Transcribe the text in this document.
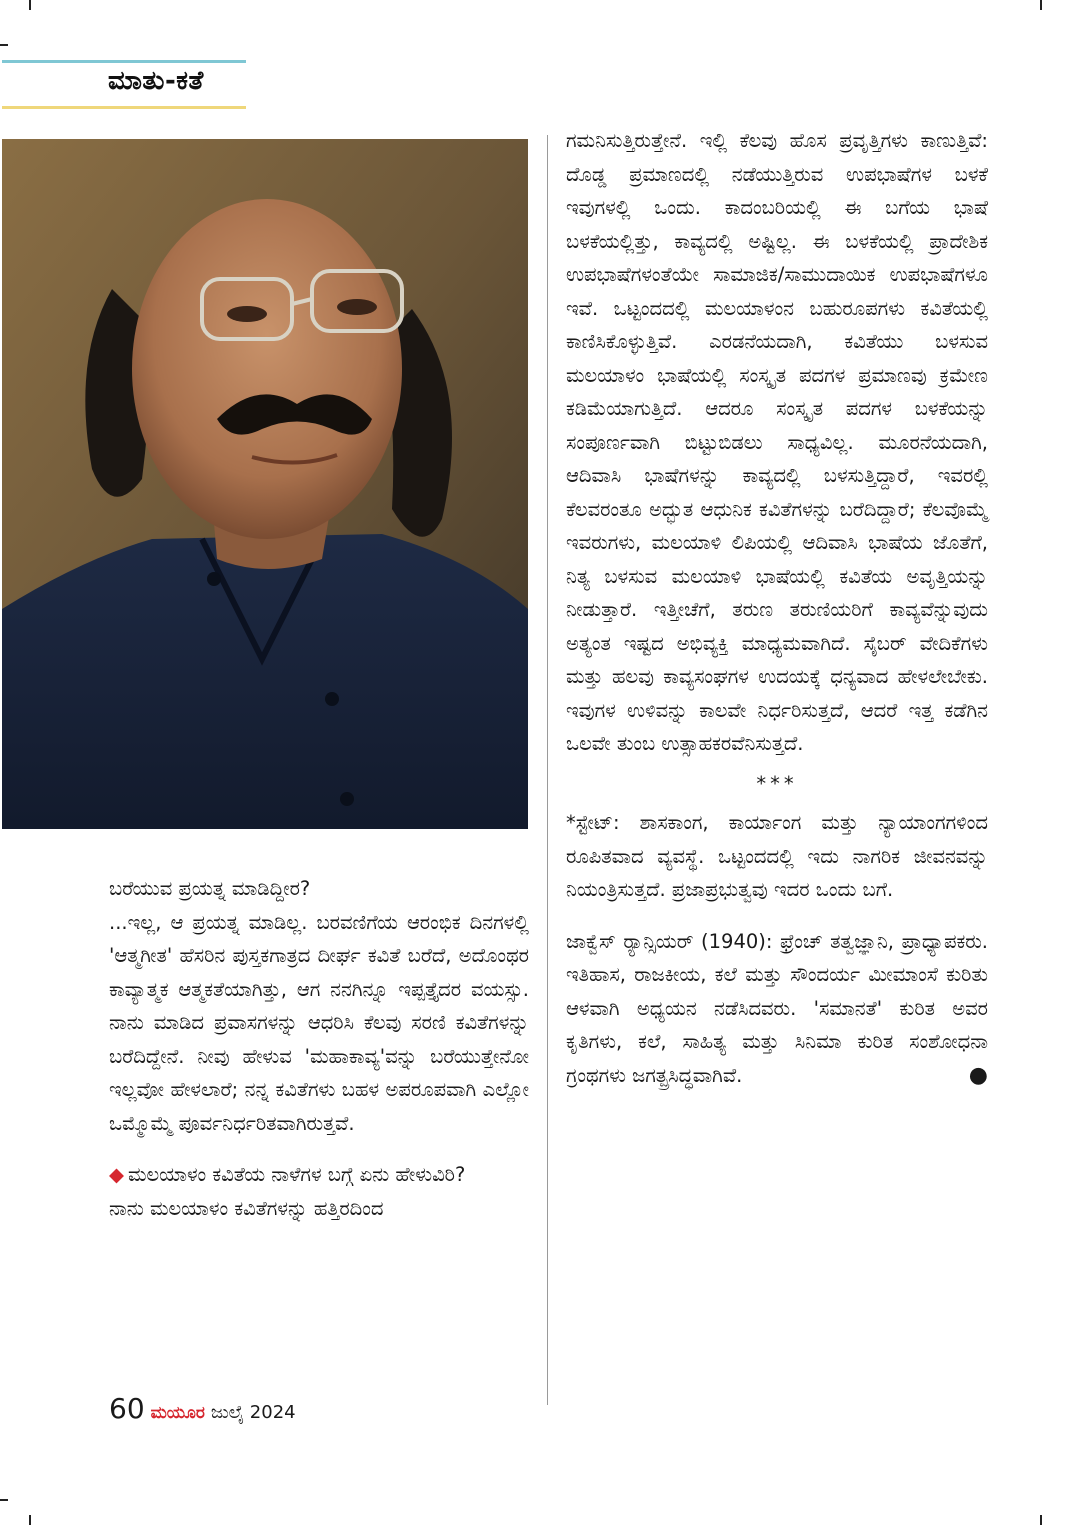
ಮಾತು-ಕತೆ

ಗಮನಿಸುತ್ತಿರುತ್ತೇನೆ. ಇಲ್ಲಿ ಕೆಲವು ಹೊಸ ಪ್ರವೃತ್ತಿಗಳು ಕಾಣುತ್ತಿವೆ: ದೊಡ್ಡ ಪ್ರಮಾಣದಲ್ಲಿ ನಡೆಯುತ್ತಿರುವ ಉಪಭಾಷೆಗಳ ಬಳಕೆ ಇವುಗಳಲ್ಲಿ ಒಂದು. ಕಾದಂಬರಿಯಲ್ಲಿ ಈ ಬಗೆಯ ಭಾಷೆ ಬಳಕೆಯಲ್ಲಿತ್ತು, ಕಾವ್ಯದಲ್ಲಿ ಅಷ್ಟಿಲ್ಲ. ಈ ಬಳಕೆಯಲ್ಲಿ ಪ್ರಾದೇಶಿಕ ಉಪಭಾಷೆಗಳಂತೆಯೇ ಸಾಮಾಜಿಕ/ಸಾಮುದಾಯಿಕ ಉಪಭಾಷೆಗಳೂ ಇವೆ. ಒಟ್ಟಂದದಲ್ಲಿ ಮಲಯಾಳಂನ ಬಹುರೂಪಗಳು ಕವಿತೆಯಲ್ಲಿ ಕಾಣಿಸಿಕೊಳ್ಳುತ್ತಿವೆ. ಎರಡನೆಯದಾಗಿ, ಕವಿತೆಯು ಬಳಸುವ ಮಲಯಾಳಂ ಭಾಷೆಯಲ್ಲಿ ಸಂಸ್ಕೃತ ಪದಗಳ ಪ್ರಮಾಣವು ಕ್ರಮೇಣ ಕಡಿಮೆಯಾಗುತ್ತಿದೆ. ಆದರೂ ಸಂಸ್ಕೃತ ಪದಗಳ ಬಳಕೆಯನ್ನು ಸಂಪೂರ್ಣವಾಗಿ ಬಿಟ್ಟುಬಿಡಲು ಸಾಧ್ಯವಿಲ್ಲ. ಮೂರನೆಯದಾಗಿ, ಆದಿವಾಸಿ ಭಾಷೆಗಳನ್ನು ಕಾವ್ಯದಲ್ಲಿ ಬಳಸುತ್ತಿದ್ದಾರೆ, ಇವರಲ್ಲಿ ಕೆಲವರಂತೂ ಅದ್ಭುತ ಆಧುನಿಕ ಕವಿತೆಗಳನ್ನು ಬರೆದಿದ್ದಾರೆ; ಕೆಲವೊಮ್ಮೆ ಇವರುಗಳು, ಮಲಯಾಳಿ ಲಿಪಿಯಲ್ಲಿ ಆದಿವಾಸಿ ಭಾಷೆಯ ಜೊತೆಗೆ, ನಿತ್ಯ ಬಳಸುವ ಮಲಯಾಳಿ ಭಾಷೆಯಲ್ಲಿ ಕವಿತೆಯ ಅವೃತ್ತಿಯನ್ನು ನೀಡುತ್ತಾರೆ. ಇತ್ತೀಚೆಗೆ, ತರುಣ ತರುಣಿಯರಿಗೆ ಕಾವ್ಯವೆನ್ನುವುದು ಅತ್ಯಂತ ಇಷ್ಟದ ಅಭಿವ್ಯಕ್ತಿ ಮಾಧ್ಯಮವಾಗಿದೆ. ಸೈಬರ್ ವೇದಿಕೆಗಳು ಮತ್ತು ಹಲವು ಕಾವ್ಯಸಂಘಗಳ ಉದಯಕ್ಕೆ ಧನ್ಯವಾದ ಹೇಳಲೇಬೇಕು. ಇವುಗಳ ಉಳಿವನ್ನು ಕಾಲವೇ ನಿರ್ಧರಿಸುತ್ತದೆ, ಆದರೆ ಇತ್ತ ಕಡೆಗಿನ ಒಲವೇ ತುಂಬ ಉತ್ಸಾಹಕರವೆನಿಸುತ್ತದೆ.

***

*ಸ್ಟೇಟ್: ಶಾಸಕಾಂಗ, ಕಾರ್ಯಾಂಗ ಮತ್ತು ನ್ಯಾಯಾಂಗಗಳಿಂದ ರೂಪಿತವಾದ ವ್ಯವಸ್ಥೆ. ಒಟ್ಟಂದದಲ್ಲಿ ಇದು ನಾಗರಿಕ ಜೀವನವನ್ನು ನಿಯಂತ್ರಿಸುತ್ತದೆ. ಪ್ರಜಾಪ್ರಭುತ್ವವು ಇದರ ಒಂದು ಬಗೆ.

ಜಾಕ್ವೆಸ್ ರ್‍ಯಾನ್ಸಿಯರ್ (1940): ಫ್ರೆಂಚ್ ತತ್ವಜ್ಞಾನಿ, ಪ್ರಾಧ್ಯಾಪಕರು. ಇತಿಹಾಸ, ರಾಜಕೀಯ, ಕಲೆ ಮತ್ತು ಸೌಂದರ್ಯ ಮೀಮಾಂಸೆ ಕುರಿತು ಆಳವಾಗಿ ಅಧ್ಯಯನ ನಡೆಸಿದವರು. 'ಸಮಾನತೆ' ಕುರಿತ ಅವರ ಕೃತಿಗಳು, ಕಲೆ, ಸಾಹಿತ್ಯ ಮತ್ತು ಸಿನಿಮಾ ಕುರಿತ ಸಂಶೋಧನಾ ಗ್ರಂಥಗಳು ಜಗತ್ಪ್ರಸಿದ್ಧವಾಗಿವೆ.	●

ಬರೆಯುವ ಪ್ರಯತ್ನ ಮಾಡಿದ್ದೀರ?

...ಇಲ್ಲ, ಆ ಪ್ರಯತ್ನ ಮಾಡಿಲ್ಲ. ಬರವಣಿಗೆಯ ಆರಂಭಿಕ ದಿನಗಳಲ್ಲಿ 'ಆತ್ಮಗೀತ' ಹೆಸರಿನ ಪುಸ್ತಕಗಾತ್ರದ ದೀರ್ಘ ಕವಿತೆ ಬರೆದೆ, ಅದೊಂಥರ ಕಾವ್ಯಾತ್ಮಕ ಆತ್ಮಕತೆಯಾಗಿತ್ತು, ಆಗ ನನಗಿನ್ನೂ ಇಪ್ಪತ್ತೈದರ ವಯಸ್ಸು. ನಾನು ಮಾಡಿದ ಪ್ರವಾಸಗಳನ್ನು ಆಧರಿಸಿ ಕೆಲವು ಸರಣಿ ಕವಿತೆಗಳನ್ನು ಬರೆದಿದ್ದೇನೆ. ನೀವು ಹೇಳುವ 'ಮಹಾಕಾವ್ಯ'ವನ್ನು ಬರೆಯುತ್ತೇನೋ ಇಲ್ಲವೋ ಹೇಳಲಾರೆ; ನನ್ನ ಕವಿತೆಗಳು ಬಹಳ ಅಪರೂಪವಾಗಿ ಎಲ್ಲೋ ಒಮ್ಮೊಮ್ಮೆ ಪೂರ್ವನಿರ್ಧರಿತವಾಗಿರುತ್ತವೆ.

◆ ಮಲಯಾಳಂ ಕವಿತೆಯ ನಾಳೆಗಳ ಬಗ್ಗೆ ಏನು ಹೇಳುವಿರಿ?

ನಾನು ಮಲಯಾಳಂ ಕವಿತೆಗಳನ್ನು ಹತ್ತಿರದಿಂದ

60 ಮಯೂರ ಜುಲೈ 2024
